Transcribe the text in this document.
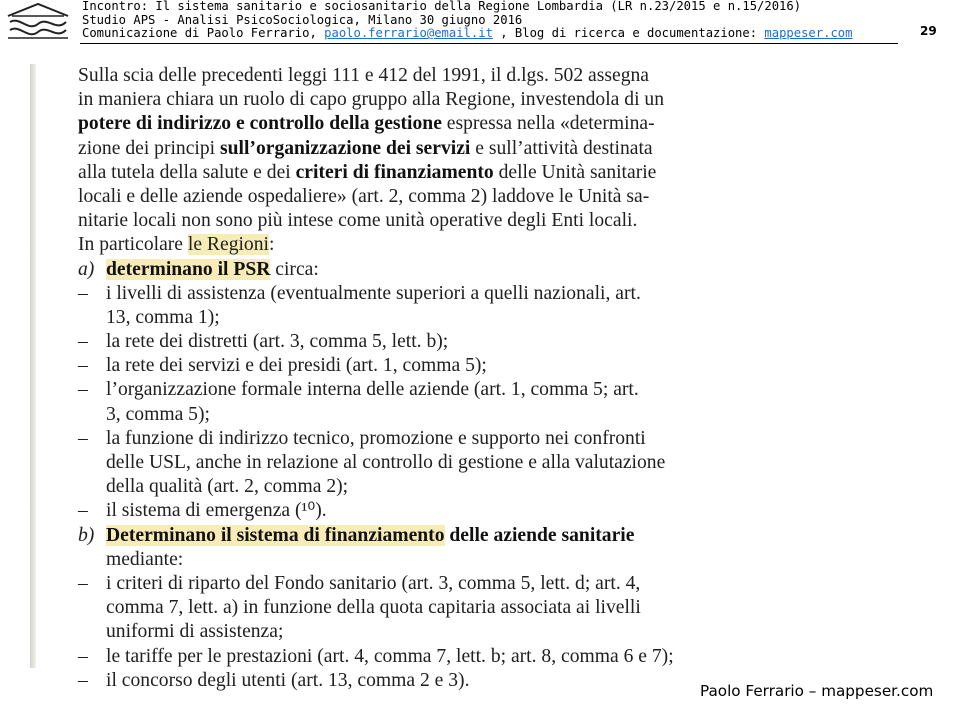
Incontro: Il sistema sanitario e sociosanitario della Regione Lombardia (LR n.23/2015 e n.15/2016)
Studio APS - Analisi PsicoSociologica, Milano 30 giugno 2016
Comunicazione di Paolo Ferrario, paolo.ferrario@email.it , Blog di ricerca e documentazione: mappeser.com	29
Sulla scia delle precedenti leggi 111 e 412 del 1991, il d.lgs. 502 assegna
in maniera chiara un ruolo di capo gruppo alla Regione, investendola di un
potere di indirizzo e controllo della gestione espressa nella «determina-
zione dei principi sull’organizzazione dei servizi e sull’attività destinata
alla tutela della salute e dei criteri di finanziamento delle Unità sanitarie
locali e delle aziende ospedaliere» (art. 2, comma 2) laddove le Unità sa-
nitarie locali non sono più intese come unità operative degli Enti locali.
In particolare le Regioni:
a) determinano il PSR circa:
– i livelli di assistenza (eventualmente superiori a quelli nazionali, art.
13, comma 1);
– la rete dei distretti (art. 3, comma 5, lett. b);
– la rete dei servizi e dei presidi (art. 1, comma 5);
– l’organizzazione formale interna delle aziende (art. 1, comma 5; art.
3, comma 5);
– la funzione di indirizzo tecnico, promozione e supporto nei confronti
delle USL, anche in relazione al controllo di gestione e alla valutazione
della qualità (art. 2, comma 2);
– il sistema di emergenza (¹⁰).
b) Determinano il sistema di finanziamento delle aziende sanitarie
mediante:
– i criteri di riparto del Fondo sanitario (art. 3, comma 5, lett. d; art. 4,
comma 7, lett. a) in funzione della quota capitaria associata ai livelli
uniformi di assistenza;
– le tariffe per le prestazioni (art. 4, comma 7, lett. b; art. 8, comma 6 e 7);
– il concorso degli utenti (art. 13, comma 2 e 3).
Paolo Ferrario – mappeser.com
